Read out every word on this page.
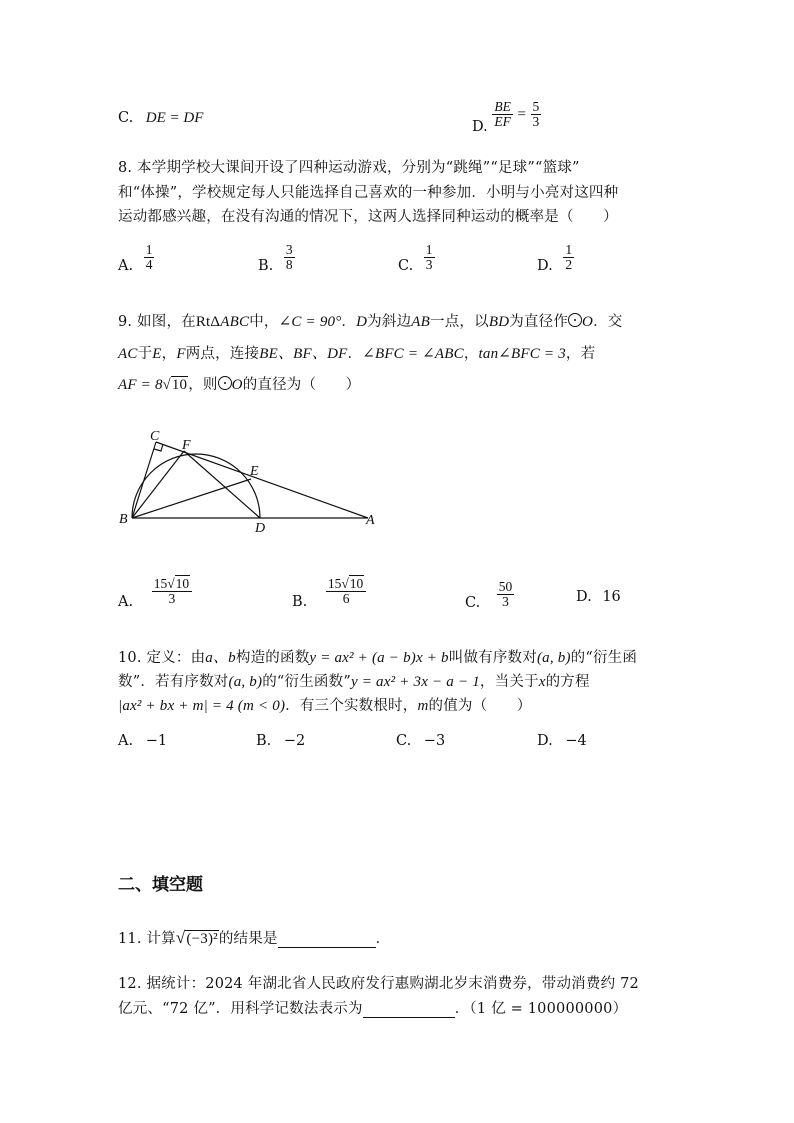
C. DE = DF
D. $\frac{BE}{EF} = \frac{5}{3}$
8. 本学期学校大课间开设了四种运动游戏，分别为“跳绳”“足球”“篮球”
和“体操”，学校规定每人只能选择自己喜欢的一种参加．小明与小亮对这四种
运动都感兴趣，在没有沟通的情况下，这两人选择同种运动的概率是（　　）
A. $\frac{1}{4}$	B. $\frac{3}{8}$	C. $\frac{1}{3}$	D. $\frac{1}{2}$
9. 如图，在RtΔABC中，∠C = 90°．D为斜边AB一点，以BD为直径作 O．交
AC于E，F两点，连接BE、BF、DF．∠BFC = ∠ABC，tan∠BFC = 3，若
AF = 8√10，则 O的直径为（　　）
C
F
E
B
D
A
A. $\frac{15√10}{3}$	B. $\frac{15√10}{6}$	C. $\frac{50}{3}$	D. 16
10. 定义：由a、b构造的函数y = ax² + (a − b)x + b叫做有序数对(a, b)的“衍生函
数”．若有序数对(a, b)的“衍生函数”y = ax² + 3x − a − 1，当关于x的方程
|ax² + bx + m| = 4 (m < 0)．有三个实数根时，m的值为（　　）
A. −1	B. −2	C. −3	D. −4
二、填空题
11. 计算√(−3)²的结果是	．
12. 据统计：2024 年湖北省人民政府发行惠购湖北岁末消费券，带动消费约 72
亿元、“72 亿”．用科学记数法表示为	．（1 亿 = 100000000）
